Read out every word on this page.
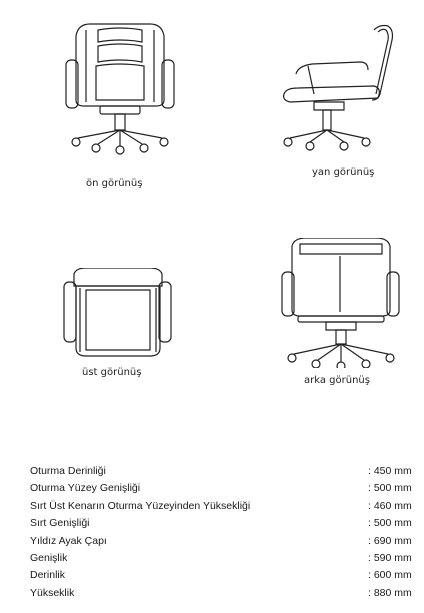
ön görünüş
yan görünüş
üst görünüş
arka görünüş
Oturma Derinliği	: 450 mm
Oturma Yüzey Genişliği	: 500 mm
Sırt Üst Kenarın Oturma Yüzeyinden Yüksekliği	: 460 mm
Sırt Genişliği	: 500 mm
Yıldız Ayak Çapı	: 690 mm
Genişlik	: 590 mm
Derinlik	: 600 mm
Yükseklik	: 880 mm
